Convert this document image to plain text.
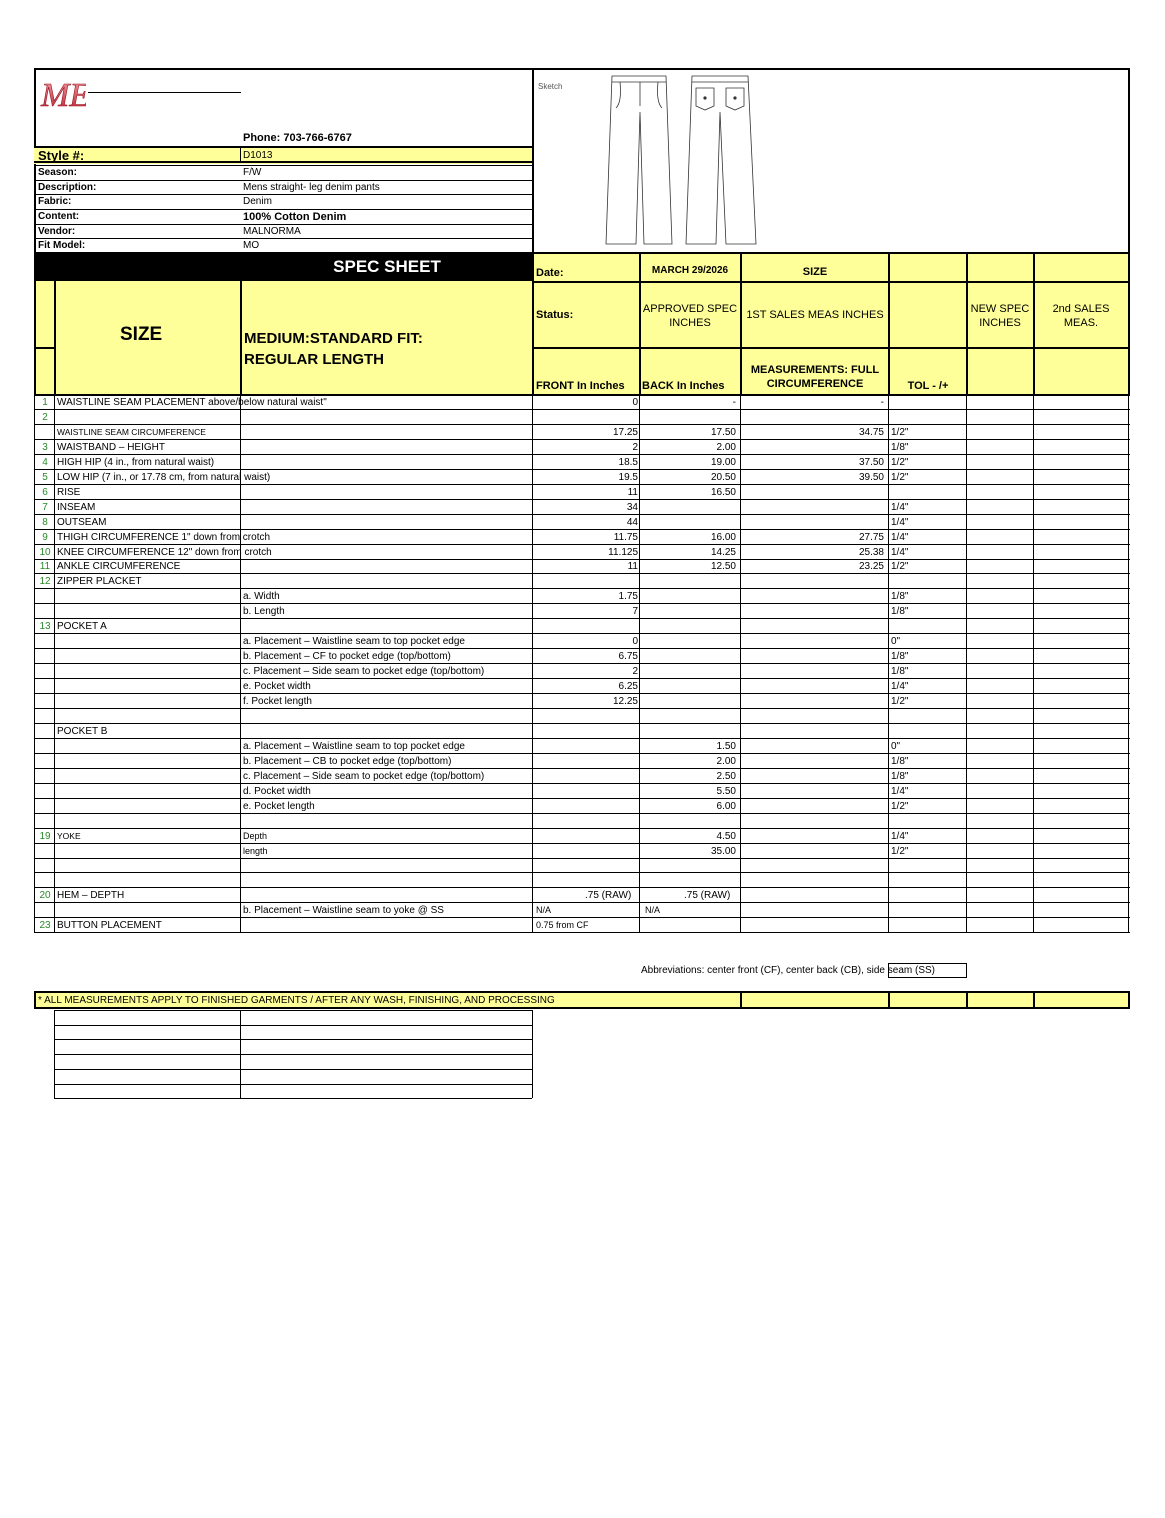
ME
Phone: 703-766-6767
Style #:	D1013
Season:	F/W
Description:	Mens straight- leg denim pants
Fabric:	Denim
Content:	100% Cotton Denim
Vendor:	MALNORMA
Fit Model:	MO
Sketch
SPEC SHEET
SIZE	MEDIUM:STANDARD FIT: REGULAR LENGTH
Date:	MARCH 29/2026	SIZE
Status:	APPROVED SPEC INCHES
1ST SALES MEAS INCHES	NEW SPEC INCHES
2nd SALES MEAS.
FRONT In Inches BACK In Inches
MEASUREMENTS: FULL CIRCUMFERENCE	TOL - /+
1 WAISTLINE SEAM PLACEMENT above/below natural waist"	0	-	-
2
WAISTLINE SEAM CIRCUMFERENCE	17.25	17.50	34.75 1/2"
3 WAISTBAND – HEIGHT	2	2.00	1/8"
4 HIGH HIP (4 in., from natural waist)	18.5	19.00	37.50 1/2"
5 LOW HIP (7 in., or 17.78 cm, from natural waist)	19.5	20.50	39.50 1/2"
6 RISE	11	16.50
7 INSEAM	34	1/4"
8 OUTSEAM	44	1/4"
9 THIGH CIRCUMFERENCE 1" down from crotch	11.75	16.00	27.75 1/4"
10 KNEE CIRCUMFERENCE 12" down from crotch	11.125	14.25	25.38 1/4"
11 ANKLE CIRCUMFERENCE	11	12.50	23.25 1/2"
12 ZIPPER PLACKET
a. Width	1.75	1/8"
b. Length	7	1/8"
13 POCKET A
a. Placement – Waistline seam to top pocket edge	0	0"
b. Placement – CF to pocket edge (top/bottom)	6.75	1/8"
c. Placement – Side seam to pocket edge (top/bottom)	2	1/8"
e. Pocket width	6.25	1/4"
f. Pocket length	12.25	1/2"
POCKET B
a. Placement – Waistline seam to top pocket edge	1.50	0"
b. Placement – CB to pocket edge (top/bottom)	2.00	1/8"
c. Placement – Side seam to pocket edge (top/bottom)	2.50	1/8"
d. Pocket width	5.50	1/4"
e. Pocket length	6.00	1/2"
19 YOKE	Depth	4.50	1/4"
length	35.00	1/2"
20 HEM – DEPTH	.75 (RAW)	.75 (RAW)
b. Placement – Waistline seam to yoke @ SS	N/A	N/A
23 BUTTON PLACEMENT	0.75 from CF
Abbreviations: center front (CF), center back (CB), side seam (SS)
* ALL MEASUREMENTS APPLY TO FINISHED GARMENTS / AFTER ANY WASH, FINISHING, AND PROCESSING
